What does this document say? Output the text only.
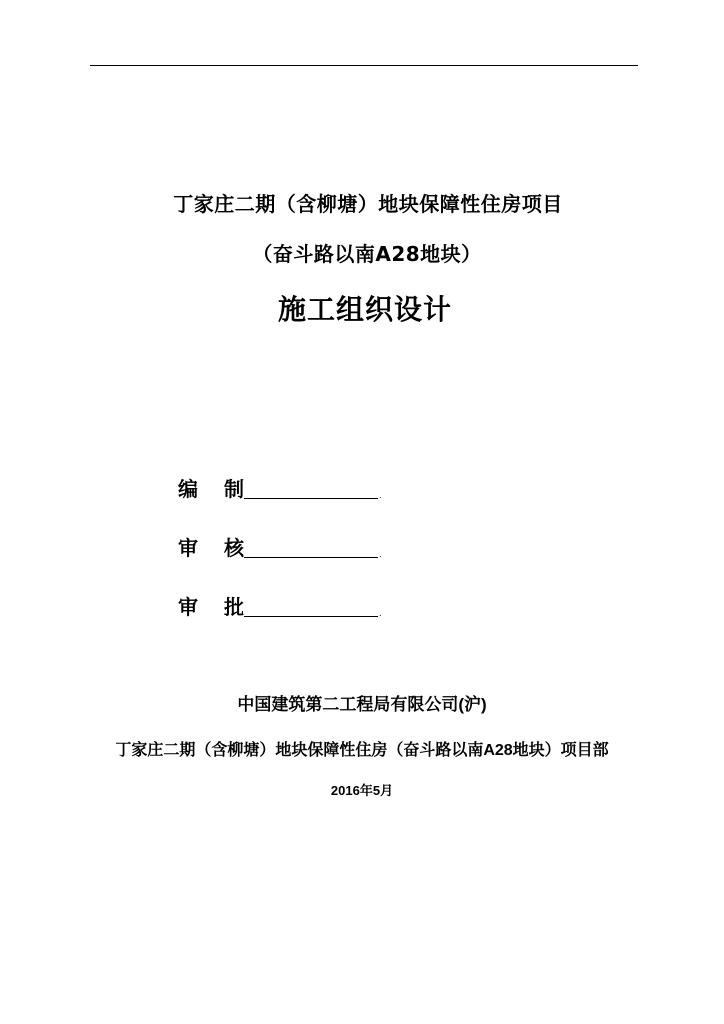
丁家庄二期（含柳塘）地块保障性住房项目
（奋斗路以南A28地块）
施工组织设计
编 制	.
审 核	.
审 批	.
中国建筑第二工程局有限公司(沪)
丁家庄二期（含柳塘）地块保障性住房（奋斗路以南A28地块）项目部
2016年5月
